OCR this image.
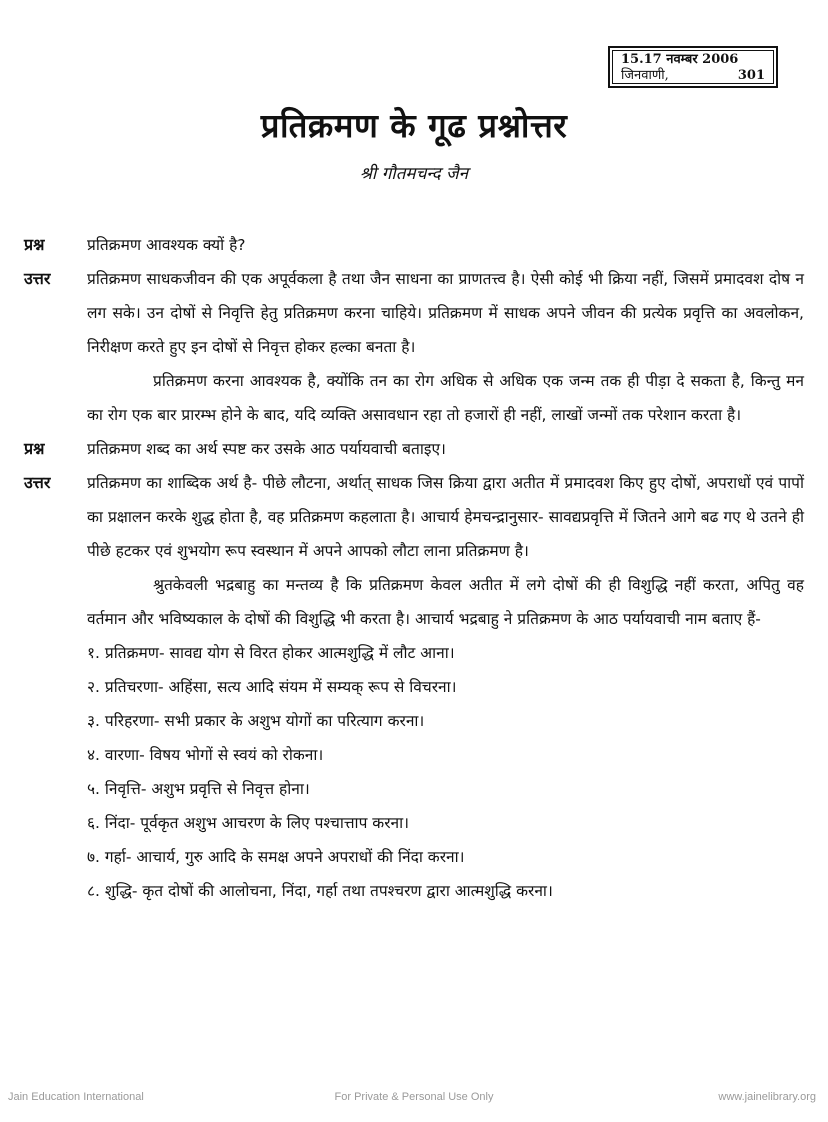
15.17 नवम्बर 2006
जिनवाणी,	301
प्रतिक्रमण के गूढ प्रश्नोत्तर
श्री गौतमचन्द जैन
प्रश्न	प्रतिक्रमण आवश्यक क्यों है?
उत्तर	प्रतिक्रमण साधकजीवन की एक अपूर्वकला है तथा जैन साधना का प्राणतत्त्व है। ऐसी कोई भी क्रिया नहीं, जिसमें प्रमादवश दोष न लग सके। उन दोषों से निवृत्ति हेतु प्रतिक्रमण करना चाहिये। प्रतिक्रमण में साधक अपने जीवन की प्रत्येक प्रवृत्ति का अवलोकन, निरीक्षण करते हुए इन दोषों से निवृत्त होकर हल्का बनता है।

प्रतिक्रमण करना आवश्यक है, क्योंकि तन का रोग अधिक से अधिक एक जन्म तक ही पीड़ा दे सकता है, किन्तु मन का रोग एक बार प्रारम्भ होने के बाद, यदि व्यक्ति असावधान रहा तो हजारों ही नहीं, लाखों जन्मों तक परेशान करता है।

प्रश्न	प्रतिक्रमण शब्द का अर्थ स्पष्ट कर उसके आठ पर्यायवाची बताइए।
उत्तर	प्रतिक्रमण का शाब्दिक अर्थ है- पीछे लौटना, अर्थात् साधक जिस क्रिया द्वारा अतीत में प्रमादवश किए हुए दोषों, अपराधों एवं पापों का प्रक्षालन करके शुद्ध होता है, वह प्रतिक्रमण कहलाता है। आचार्य हेमचन्द्रानुसार- सावद्यप्रवृत्ति में जितने आगे बढ गए थे उतने ही पीछे हटकर एवं शुभयोग रूप स्वस्थान में अपने आपको लौटा लाना प्रतिक्रमण है।

श्रुतकेवली भद्रबाहु का मन्तव्य है कि प्रतिक्रमण केवल अतीत में लगे दोषों की ही विशुद्धि नहीं करता, अपितु वह वर्तमान और भविष्यकाल के दोषों की विशुद्धि भी करता है। आचार्य भद्रबाहु ने प्रतिक्रमण के आठ पर्यायवाची नाम बताए हैं-

१. प्रतिक्रमण- सावद्य योग से विरत होकर आत्मशुद्धि में लौट आना।
२. प्रतिचरणा- अहिंसा, सत्य आदि संयम में सम्यक् रूप से विचरना।
३. परिहरणा- सभी प्रकार के अशुभ योगों का परित्याग करना।
४. वारणा- विषय भोगों से स्वयं को रोकना।
५. निवृत्ति- अशुभ प्रवृत्ति से निवृत्त होना।
६. निंदा- पूर्वकृत अशुभ आचरण के लिए पश्चात्ताप करना।
७. गर्हा- आचार्य, गुरु आदि के समक्ष अपने अपराधों की निंदा करना।
८. शुद्धि- कृत दोषों की आलोचना, निंदा, गर्हा तथा तपश्चरण द्वारा आत्मशुद्धि करना।
Jain Education International	For Private & Personal Use Only	www.jainelibrary.org
